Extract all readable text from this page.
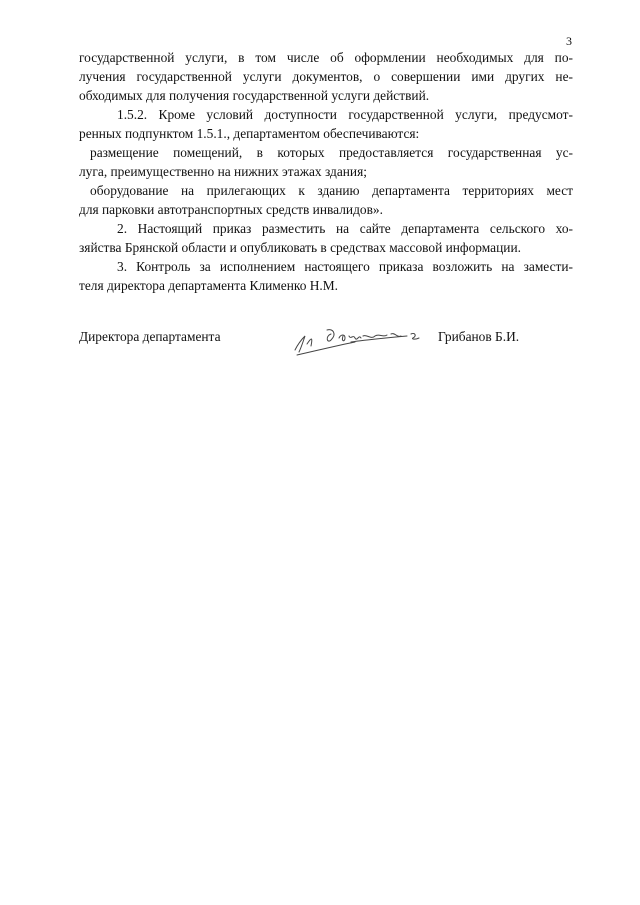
3
государственной услуги, в том числе об оформлении необходимых для по-
лучения государственной услуги документов, о совершении ими других не-
обходимых для получения государственной услуги действий.
1.5.2. Кроме условий доступности государственной услуги, предусмот-
ренных подпунктом 1.5.1., департаментом обеспечиваются:
размещение помещений, в которых предоставляется государственная ус-
луга, преимущественно на нижних этажах здания;
оборудование на прилегающих к зданию департамента территориях мест
для парковки автотранспортных средств инвалидов».
2. Настоящий приказ разместить на сайте департамента сельского хо-
зяйства Брянской области и опубликовать в средствах массовой информации.
3. Контроль за исполнением настоящего приказа возложить на замести-
теля директора департамента Клименко Н.М.
Директора департамента	Грибанов Б.И.
